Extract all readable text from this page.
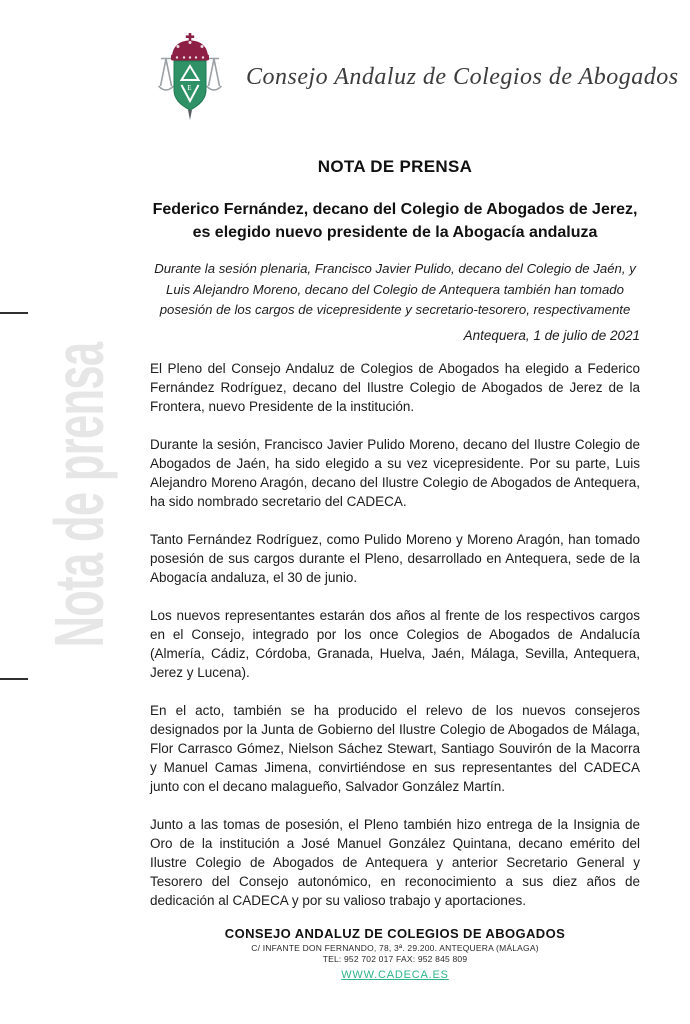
Nota de prensa
E Consejo Andaluz de Colegios de Abogados
NOTA DE PRENSA
Federico Fernández, decano del Colegio de Abogados de Jerez,
es elegido nuevo presidente de la Abogacía andaluza
Durante la sesión plenaria, Francisco Javier Pulido, decano del Colegio de Jaén, y
Luis Alejandro Moreno, decano del Colegio de Antequera también han tomado
posesión de los cargos de vicepresidente y secretario-tesorero, respectivamente
Antequera, 1 de julio de 2021

El Pleno del Consejo Andaluz de Colegios de Abogados ha elegido a Federico Fernández Rodríguez, decano del Ilustre Colegio de Abogados de Jerez de la Frontera, nuevo Presidente de la institución.

Durante la sesión, Francisco Javier Pulido Moreno, decano del Ilustre Colegio de Abogados de Jaén, ha sido elegido a su vez vicepresidente. Por su parte, Luis Alejandro Moreno Aragón, decano del Ilustre Colegio de Abogados de Antequera, ha sido nombrado secretario del CADECA.

Tanto Fernández Rodríguez, como Pulido Moreno y Moreno Aragón, han tomado posesión de sus cargos durante el Pleno, desarrollado en Antequera, sede de la Abogacía andaluza, el 30 de junio.

Los nuevos representantes estarán dos años al frente de los respectivos cargos en el Consejo, integrado por los once Colegios de Abogados de Andalucía (Almería, Cádiz, Córdoba, Granada, Huelva, Jaén, Málaga, Sevilla, Antequera, Jerez y Lucena).

En el acto, también se ha producido el relevo de los nuevos consejeros designados por la Junta de Gobierno del Ilustre Colegio de Abogados de Málaga, Flor Carrasco Gómez, Nielson Sáchez Stewart, Santiago Souvirón de la Macorra y Manuel Camas Jimena, convirtiéndose en sus representantes del CADECA junto con el decano malagueño, Salvador González Martín.

Junto a las tomas de posesión, el Pleno también hizo entrega de la Insignia de Oro de la institución a José Manuel González Quintana, decano emérito del Ilustre Colegio de Abogados de Antequera y anterior Secretario General y Tesorero del Consejo autonómico, en reconocimiento a sus diez años de dedicación al CADECA y por su valioso trabajo y aportaciones.

CONSEJO ANDALUZ DE COLEGIOS DE ABOGADOS
C/ INFANTE DON FERNANDO, 78, 3ª. 29.200. ANTEQUERA (MÁLAGA)
TEL: 952 702 017 FAX: 952 845 809
WWW.CADECA.ES
